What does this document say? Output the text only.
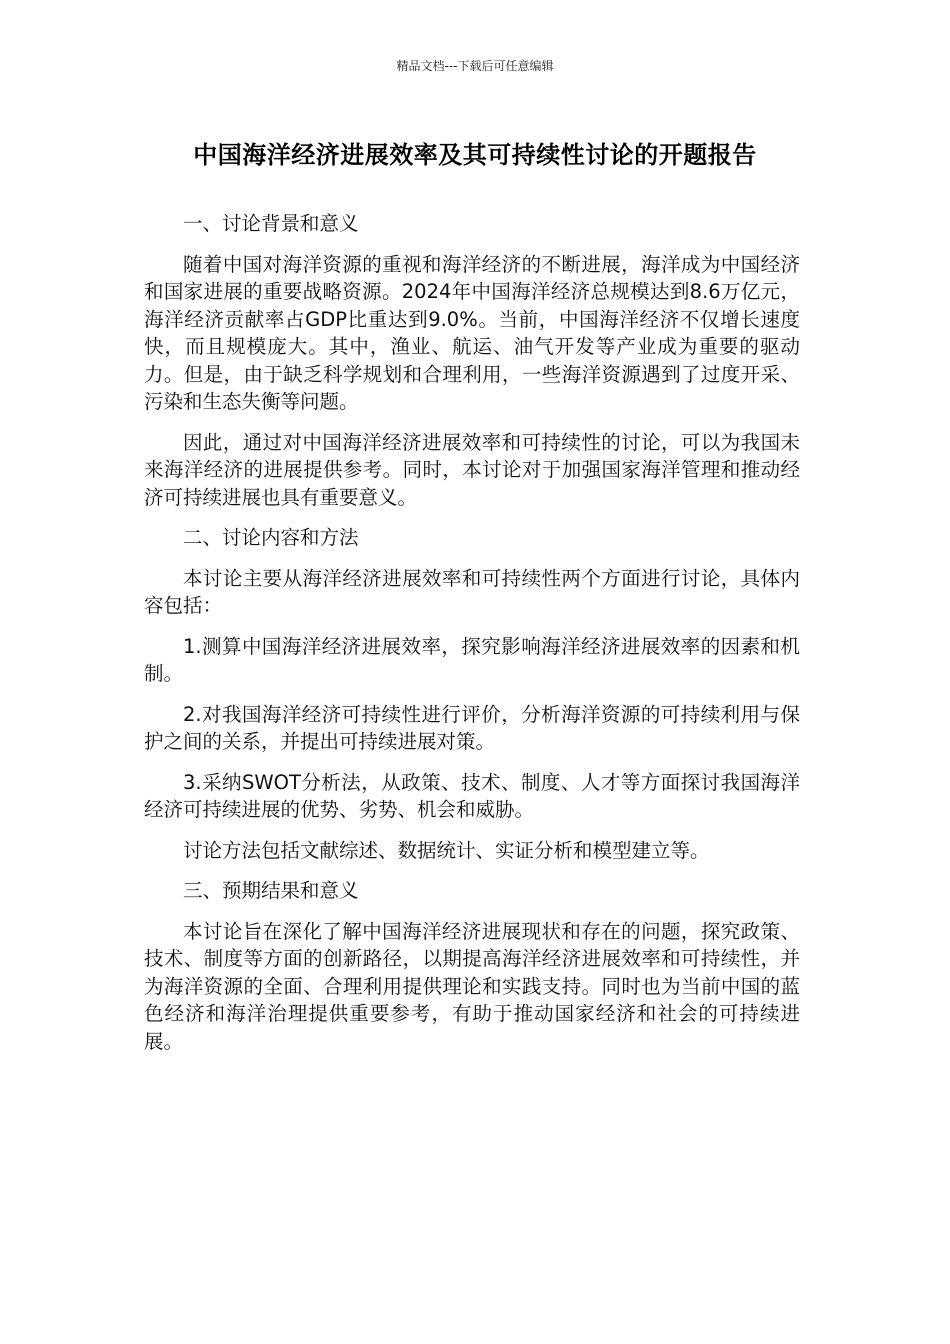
精品文档---下载后可任意编辑
中国海洋经济进展效率及其可持续性讨论的开题报告

一、讨论背景和意义

随着中国对海洋资源的重视和海洋经济的不断进展，海洋成为中国经济和国家进展的重要战略资源。2024年中国海洋经济总规模达到8.6万亿元，海洋经济贡献率占GDP比重达到9.0%。当前，中国海洋经济不仅增长速度快，而且规模庞大。其中，渔业、航运、油气开发等产业成为重要的驱动力。但是，由于缺乏科学规划和合理利用，一些海洋资源遇到了过度开采、污染和生态失衡等问题。

因此，通过对中国海洋经济进展效率和可持续性的讨论，可以为我国未来海洋经济的进展提供参考。同时，本讨论对于加强国家海洋管理和推动经济可持续进展也具有重要意义。

二、讨论内容和方法

本讨论主要从海洋经济进展效率和可持续性两个方面进行讨论，具体内容包括：

1.测算中国海洋经济进展效率，探究影响海洋经济进展效率的因素和机制。

2.对我国海洋经济可持续性进行评价，分析海洋资源的可持续利用与保护之间的关系，并提出可持续进展对策。

3.采纳SWOT分析法，从政策、技术、制度、人才等方面探讨我国海洋经济可持续进展的优势、劣势、机会和威胁。

讨论方法包括文献综述、数据统计、实证分析和模型建立等。

三、预期结果和意义

本讨论旨在深化了解中国海洋经济进展现状和存在的问题，探究政策、技术、制度等方面的创新路径，以期提高海洋经济进展效率和可持续性，并为海洋资源的全面、合理利用提供理论和实践支持。同时也为当前中国的蓝色经济和海洋治理提供重要参考，有助于推动国家经济和社会的可持续进展。
